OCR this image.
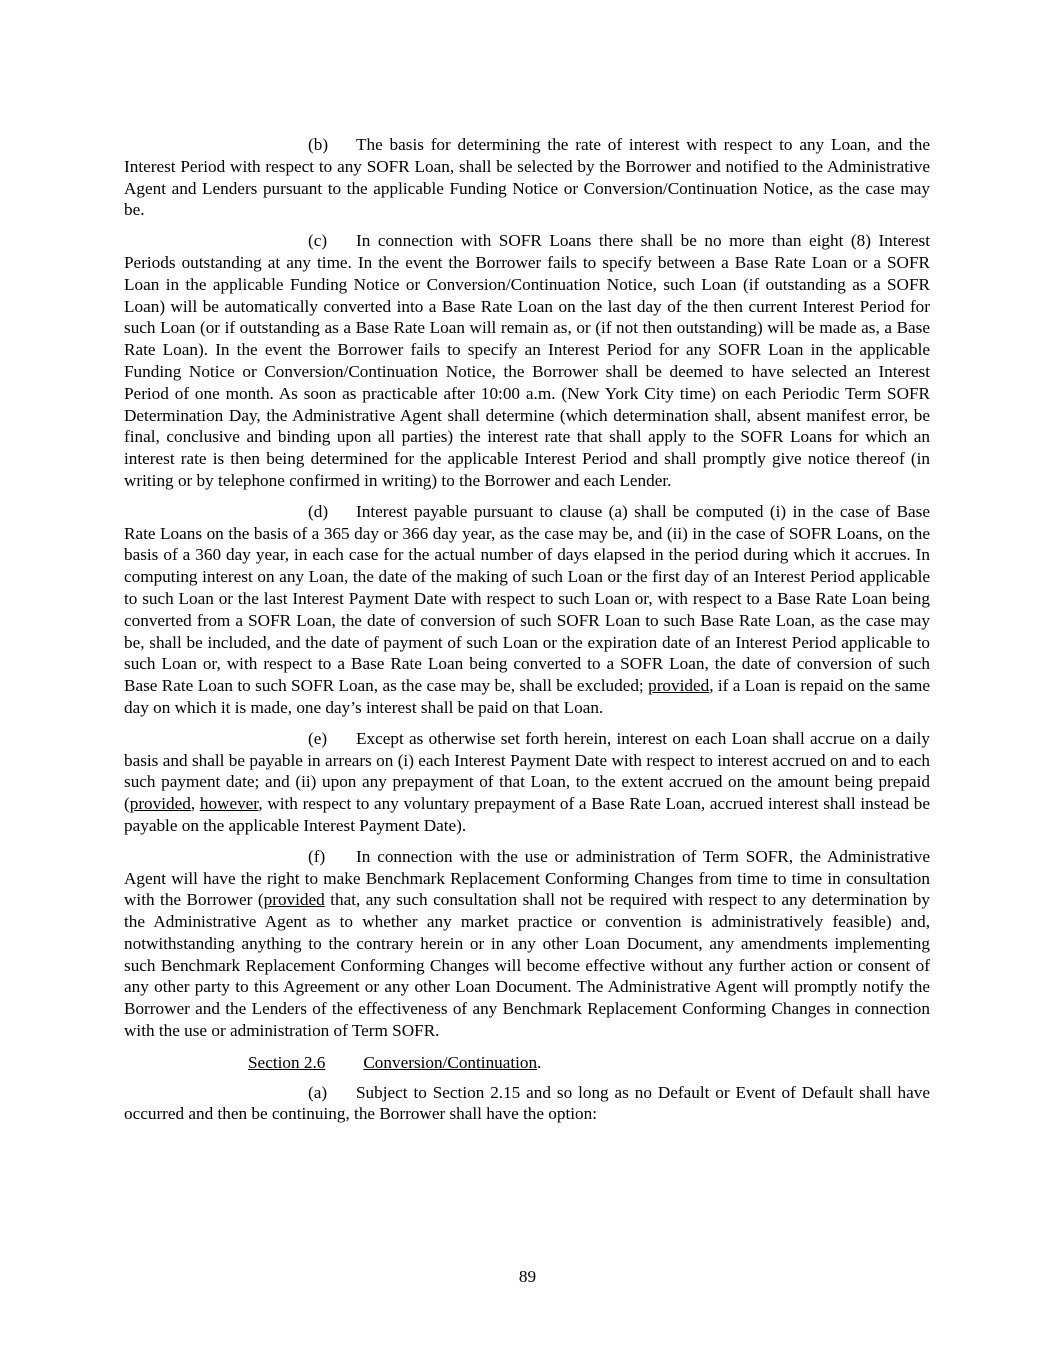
(b) The basis for determining the rate of interest with respect to any Loan, and the Interest Period with respect to any SOFR Loan, shall be selected by the Borrower and notified to the Administrative Agent and Lenders pursuant to the applicable Funding Notice or Conversion/Continuation Notice, as the case may be.

(c) In connection with SOFR Loans there shall be no more than eight (8) Interest Periods outstanding at any time. In the event the Borrower fails to specify between a Base Rate Loan or a SOFR Loan in the applicable Funding Notice or Conversion/Continuation Notice, such Loan (if outstanding as a SOFR Loan) will be automatically converted into a Base Rate Loan on the last day of the then current Interest Period for such Loan (or if outstanding as a Base Rate Loan will remain as, or (if not then outstanding) will be made as, a Base Rate Loan). In the event the Borrower fails to specify an Interest Period for any SOFR Loan in the applicable Funding Notice or Conversion/Continuation Notice, the Borrower shall be deemed to have selected an Interest Period of one month. As soon as practicable after 10:00 a.m. (New York City time) on each Periodic Term SOFR Determination Day, the Administrative Agent shall determine (which determination shall, absent manifest error, be final, conclusive and binding upon all parties) the interest rate that shall apply to the SOFR Loans for which an interest rate is then being determined for the applicable Interest Period and shall promptly give notice thereof (in writing or by telephone confirmed in writing) to the Borrower and each Lender.

(d) Interest payable pursuant to clause (a) shall be computed (i) in the case of Base Rate Loans on the basis of a 365 day or 366 day year, as the case may be, and (ii) in the case of SOFR Loans, on the basis of a 360 day year, in each case for the actual number of days elapsed in the period during which it accrues. In computing interest on any Loan, the date of the making of such Loan or the first day of an Interest Period applicable to such Loan or the last Interest Payment Date with respect to such Loan or, with respect to a Base Rate Loan being converted from a SOFR Loan, the date of conversion of such SOFR Loan to such Base Rate Loan, as the case may be, shall be included, and the date of payment of such Loan or the expiration date of an Interest Period applicable to such Loan or, with respect to a Base Rate Loan being converted to a SOFR Loan, the date of conversion of such Base Rate Loan to such SOFR Loan, as the case may be, shall be excluded; provided, if a Loan is repaid on the same day on which it is made, one day’s interest shall be paid on that Loan.

(e) Except as otherwise set forth herein, interest on each Loan shall accrue on a daily basis and shall be payable in arrears on (i) each Interest Payment Date with respect to interest accrued on and to each such payment date; and (ii) upon any prepayment of that Loan, to the extent accrued on the amount being prepaid (provided, however, with respect to any voluntary prepayment of a Base Rate Loan, accrued interest shall instead be payable on the applicable Interest Payment Date).

(f) In connection with the use or administration of Term SOFR, the Administrative Agent will have the right to make Benchmark Replacement Conforming Changes from time to time in consultation with the Borrower (provided that, any such consultation shall not be required with respect to any determination by the Administrative Agent as to whether any market practice or convention is administratively feasible) and, notwithstanding anything to the contrary herein or in any other Loan Document, any amendments implementing such Benchmark Replacement Conforming Changes will become effective without any further action or consent of any other party to this Agreement or any other Loan Document. The Administrative Agent will promptly notify the Borrower and the Lenders of the effectiveness of any Benchmark Replacement Conforming Changes in connection with the use or administration of Term SOFR.

Section 2.6 Conversion/Continuation.

(a) Subject to Section 2.15 and so long as no Default or Event of Default shall have occurred and then be continuing, the Borrower shall have the option:

89
